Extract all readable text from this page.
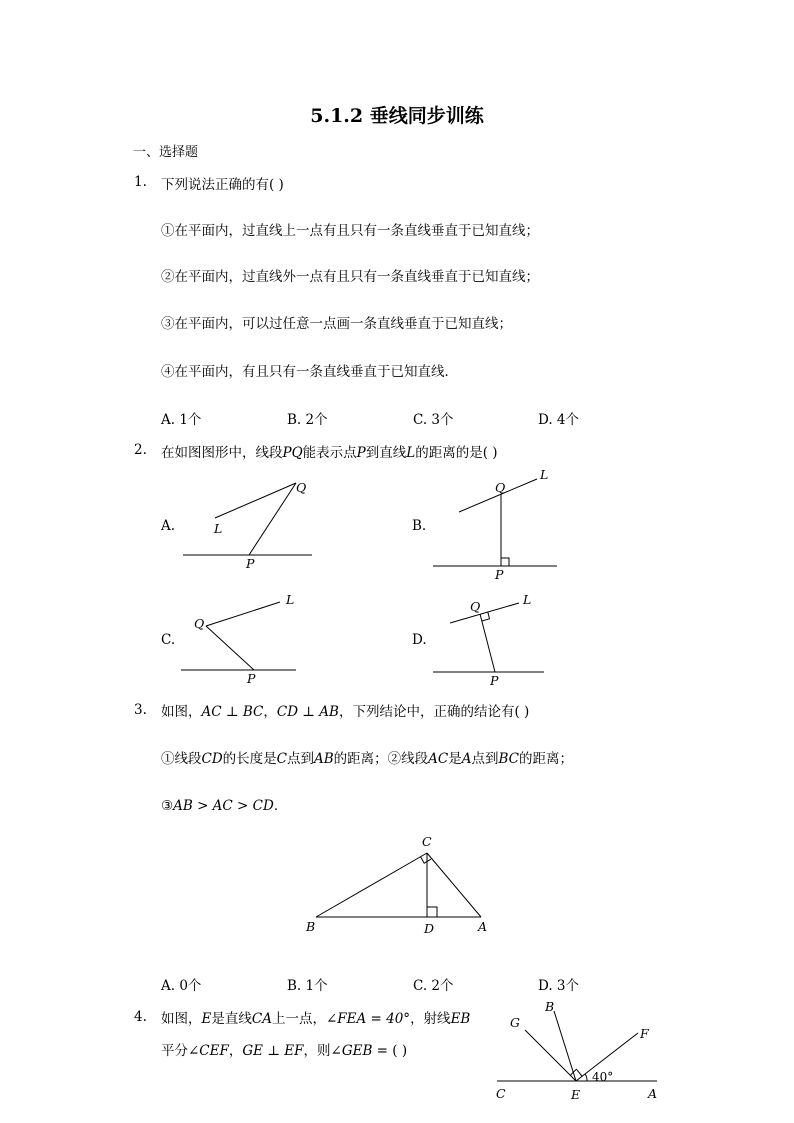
5.1.2 垂线同步训练
一、选择题
1. 下列说法正确的有( )
①在平面内，过直线上一点有且只有一条直线垂直于已知直线；
②在平面内，过直线外一点有且只有一条直线垂直于已知直线；
③在平面内，可以过任意一点画一条直线垂直于已知直线；
④在平面内，有且只有一条直线垂直于已知直线．
A. 1个	B. 2个	C. 3个	D. 4个
2. 在如图图形中，线段PQ能表示点P到直线L的距离的是( )
A.	B.
C.	D.
Q
L
P
L
Q
P
L
Q
P
L
Q
P
3. 如图，AC ⊥ BC，CD ⊥ AB，下列结论中，正确的结论有( )
①线段CD的长度是C点到AB的距离；②线段AC是A点到BC的距离；
③AB > AC > CD．
C
B	D	A
A. 0个	B. 1个	C. 2个	D. 3个
4. 如图，E是直线CA上一点，∠FEA = 40°，射线EB
平分∠CEF，GE ⊥ EF，则∠GEB = ( )
B
G
F
40°
C	E	A
